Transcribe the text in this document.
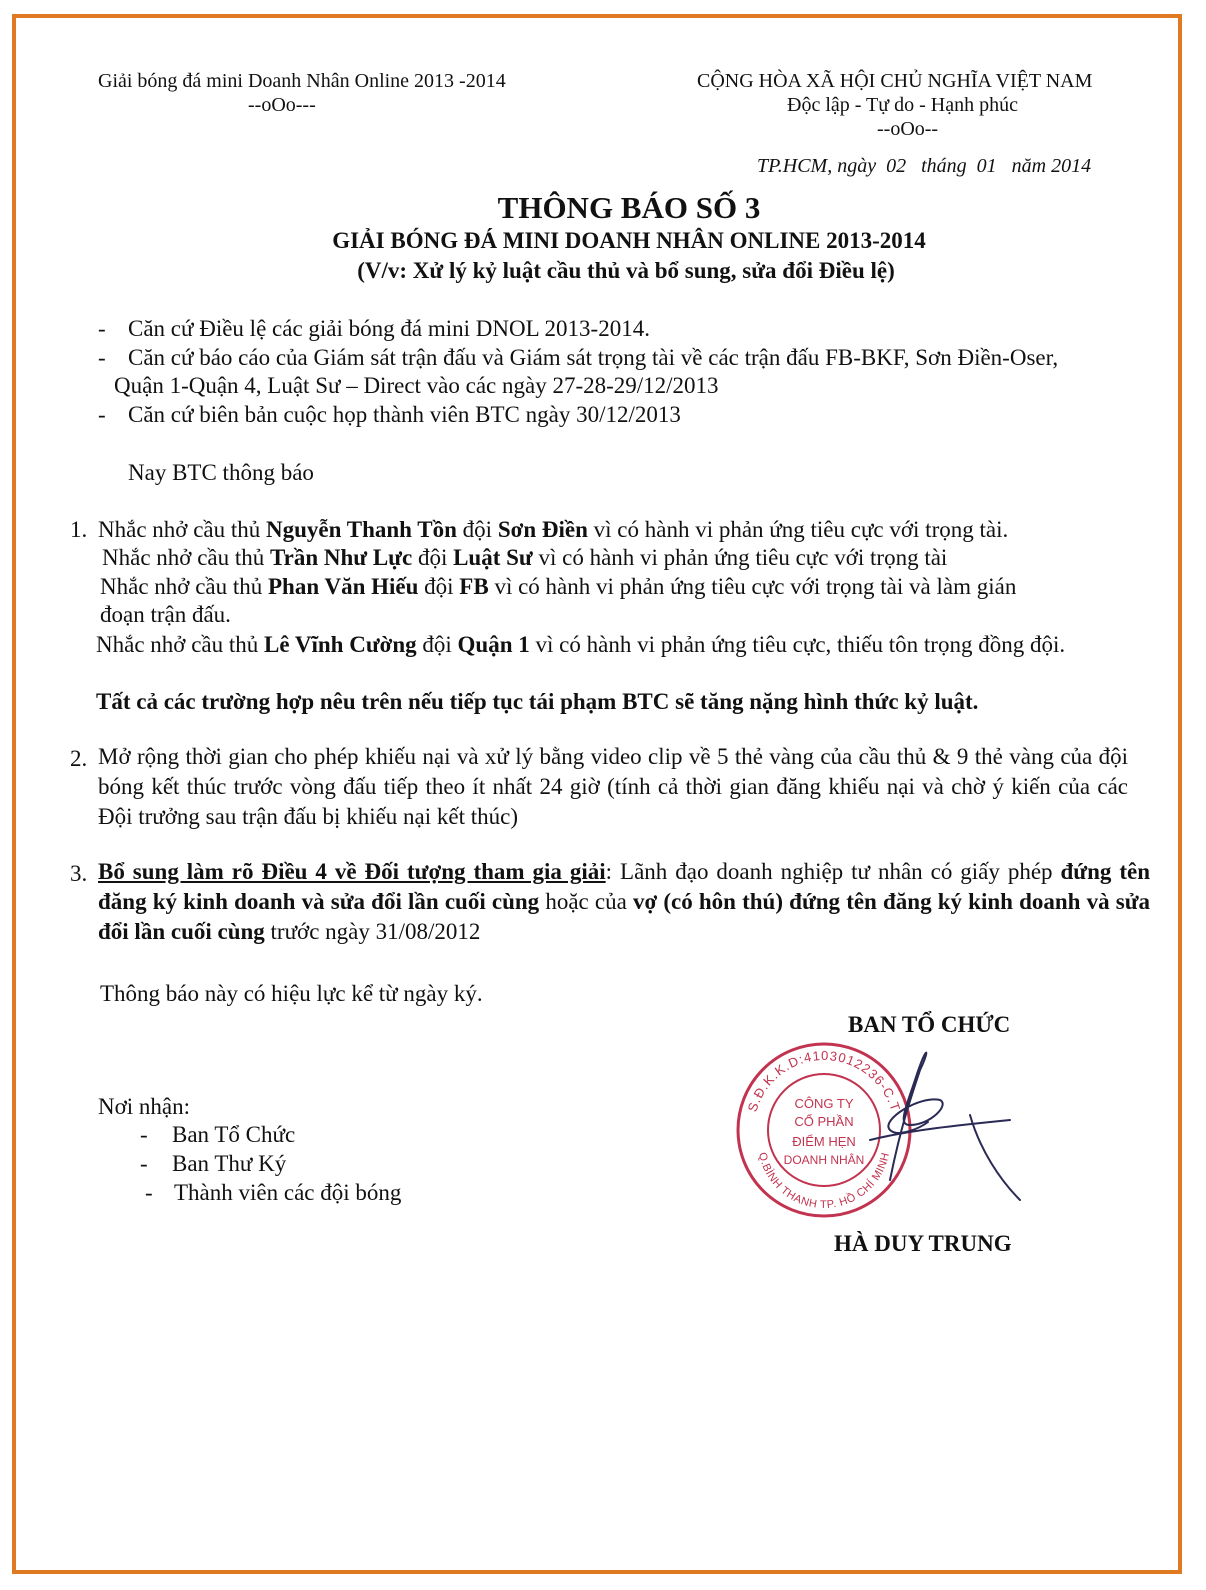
Giải bóng đá mini Doanh Nhân Online 2013 -2014
--oOo---
CỘNG HÒA XÃ HỘI CHỦ NGHĨA VIỆT NAM
Độc lập - Tự do - Hạnh phúc
--oOo--
TP.HCM, ngày  02   tháng  01   năm 2014
THÔNG BÁO SỐ 3
GIẢI BÓNG ĐÁ MINI DOANH NHÂN ONLINE 2013-2014
(V/v: Xử lý kỷ luật cầu thủ và bổ sung, sửa đổi Điều lệ)
- Căn cứ Điều lệ các giải bóng đá mini DNOL 2013-2014.
- Căn cứ báo cáo của Giám sát trận đấu và Giám sát trọng tài về các trận đấu FB-BKF, Sơn Điền-Oser,
Quận 1-Quận 4, Luật Sư – Direct vào các ngày 27-28-29/12/2013
- Căn cứ biên bản cuộc họp thành viên BTC ngày 30/12/2013
Nay BTC thông báo
1. Nhắc nhở cầu thủ Nguyễn Thanh Tồn đội Sơn Điền vì có hành vi phản ứng tiêu cực với trọng tài.
Nhắc nhở cầu thủ Trần Như Lực đội Luật Sư vì có hành vi phản ứng tiêu cực với trọng tài
Nhắc nhở cầu thủ Phan Văn Hiếu đội FB vì có hành vi phản ứng tiêu cực với trọng tài và làm gián
đoạn trận đấu.
Nhắc nhở cầu thủ Lê Vĩnh Cường đội Quận 1 vì có hành vi phản ứng tiêu cực, thiếu tôn trọng đồng đội.
Tất cả các trường hợp nêu trên nếu tiếp tục tái phạm BTC sẽ tăng nặng hình thức kỷ luật.
2. Mở rộng thời gian cho phép khiếu nại và xử lý bằng video clip về 5 thẻ vàng của cầu thủ & 9 thẻ vàng của đội bóng kết thúc trước vòng đấu tiếp theo ít nhất 24 giờ (tính cả thời gian đăng khiếu nại và chờ ý kiến của các Đội trưởng sau trận đấu bị khiếu nại kết thúc)
3. Bổ sung làm rõ Điều 4 về Đối tượng tham gia giải: Lãnh đạo doanh nghiệp tư nhân có giấy phép đứng tên đăng ký kinh doanh và sửa đổi lần cuối cùng hoặc của vợ (có hôn thú) đứng tên đăng ký kinh doanh và sửa đổi lần cuối cùng trước ngày 31/08/2012
Thông báo này có hiệu lực kể từ ngày ký.
BAN TỔ CHỨC
S.Đ.K.K.D:4103012236-C.T
Q.BÌNH THANH TP. HỒ CHÍ MINH
CÔNG TY
CỔ PHẦN
ĐIỂM HẸN
DOANH NHÂN
HÀ DUY TRUNG
Nơi nhận:
- Ban Tổ Chức
- Ban Thư Ký
- Thành viên các đội bóng
